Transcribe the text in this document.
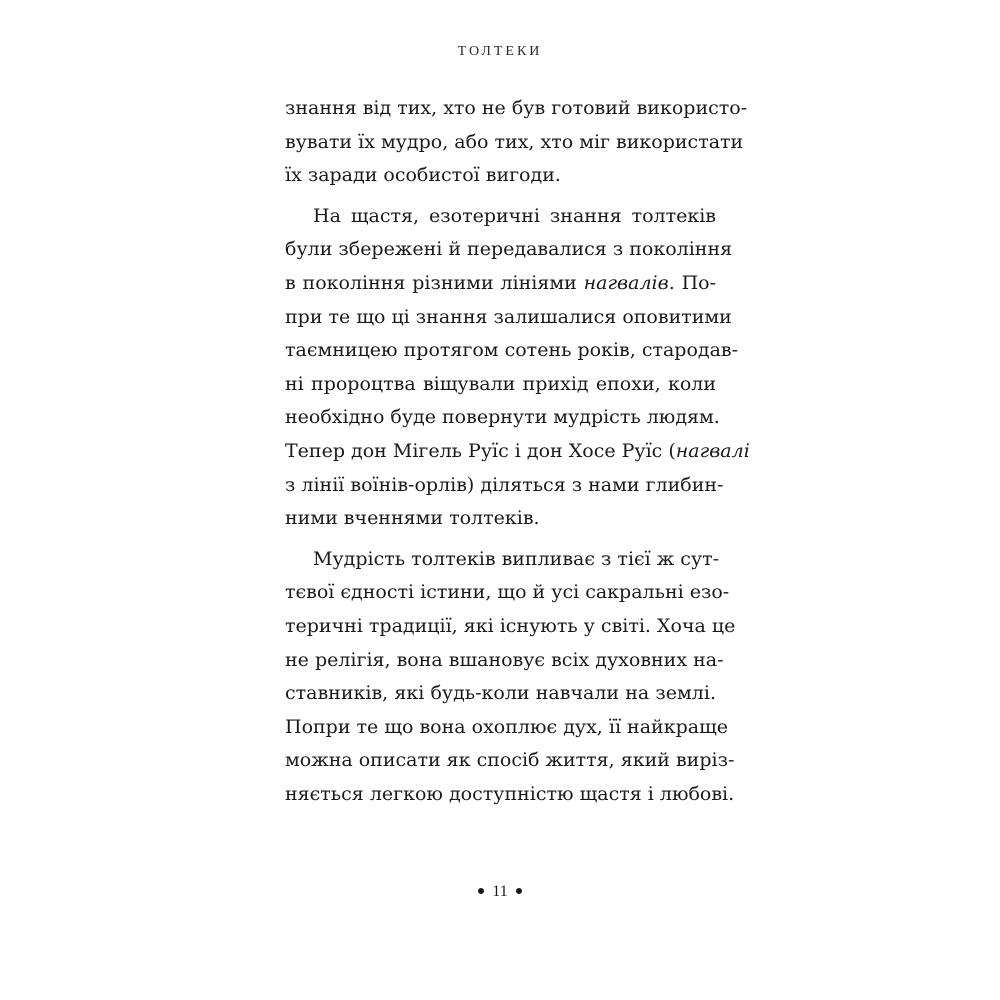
ТОЛТЕКИ
знання від тих, хто не був готовий використо-
вувати їх мудро, або тих, хто міг використати
їх заради особистої вигоди.
На щастя, езотеричні знання толтеків
були збережені й передавалися з покоління
в покоління різними лініями нагвалів. По-
при те що ці знання залишалися оповитими
таємницею протягом сотень років, стародав-
ні пророцтва віщували прихід епохи, коли
необхідно буде повернути мудрість людям.
Тепер дон Мігель Руїс і дон Хосе Руїс (нагвалі
з лінії воїнів-орлів) діляться з нами глибин-
ними вченнями толтеків.
Мудрість толтеків випливає з тієї ж сут-
тєвої єдності істини, що й усі сакральні езо-
теричні традиції, які існують у світі. Хоча це
не релігія, вона вшановує всіх духовних на-
ставників, які будь-коли навчали на землі.
Попри те що вона охоплює дух, її найкраще
можна описати як спосіб життя, який виріз-
няється легкою доступністю щастя і любові.
11
